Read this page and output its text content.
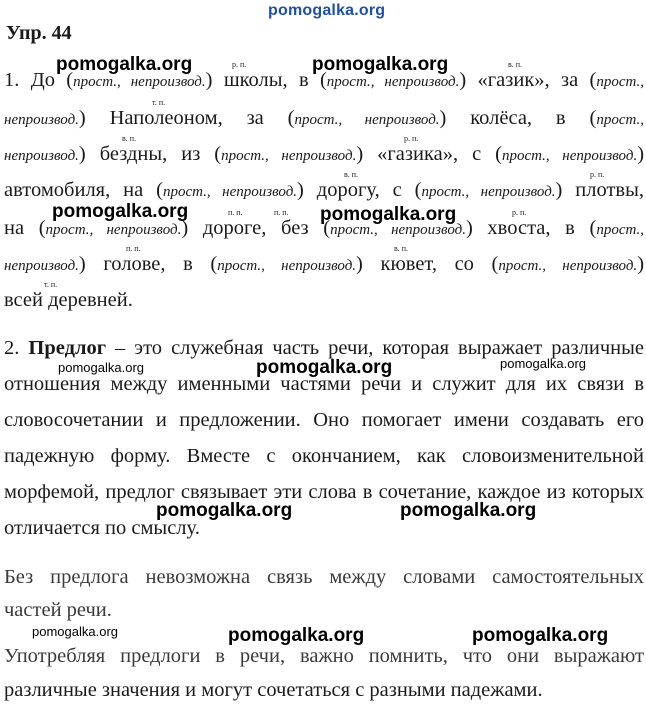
pomogalka.org
Упр. 44
р. п.	в. п.
1. До (прост., непроизвод.) школы, в (прост., непроизвод.) «газик», за (прост.,
т. п.
непроизвод.) Наполеоном, за (прост., непроизвод.) колёса, в (прост.,
в. п.	р. п.
непроизвод.) бездны, из (прост., непроизвод.) «газика», с (прост., непроизвод.)
в. п.	р. п.
автомобиля, на (прост., непроизвод.) дорогу, с (прост., непроизвод.) плотвы,
п. п.	п. п.	р. п.
на (прост., непроизвод.) дороге, без (прост., непроизвод.) хвоста, в (прост.,
п. п.	в. п.
непроизвод.) голове, в (прост., непроизвод.) кювет, со (прост., непроизвод.)
т. п.
всей деревней.
2. Предлог – это служебная часть речи, которая выражает различные
отношения между именными частями речи и служит для их связи в
словосочетании и предложении. Оно помогает имени создавать его
падежную форму. Вместе с окончанием, как словоизменительной
морфемой, предлог связывает эти слова в сочетание, каждое из которых
отличается по смыслу.
Без предлога невозможна связь между словами самостоятельных
частей речи.
Употребляя предлоги в речи, важно помнить, что они выражают
различные значения и могут сочетаться с разными падежами.
pomogalka.org	pomogalka.org
pomogalka.org	pomogalka.org
pomogalka.org	pomogalka.org	pomogalka.org
pomogalka.org	pomogalka.org
pomogalka.org	pomogalka.org	pomogalka.org
